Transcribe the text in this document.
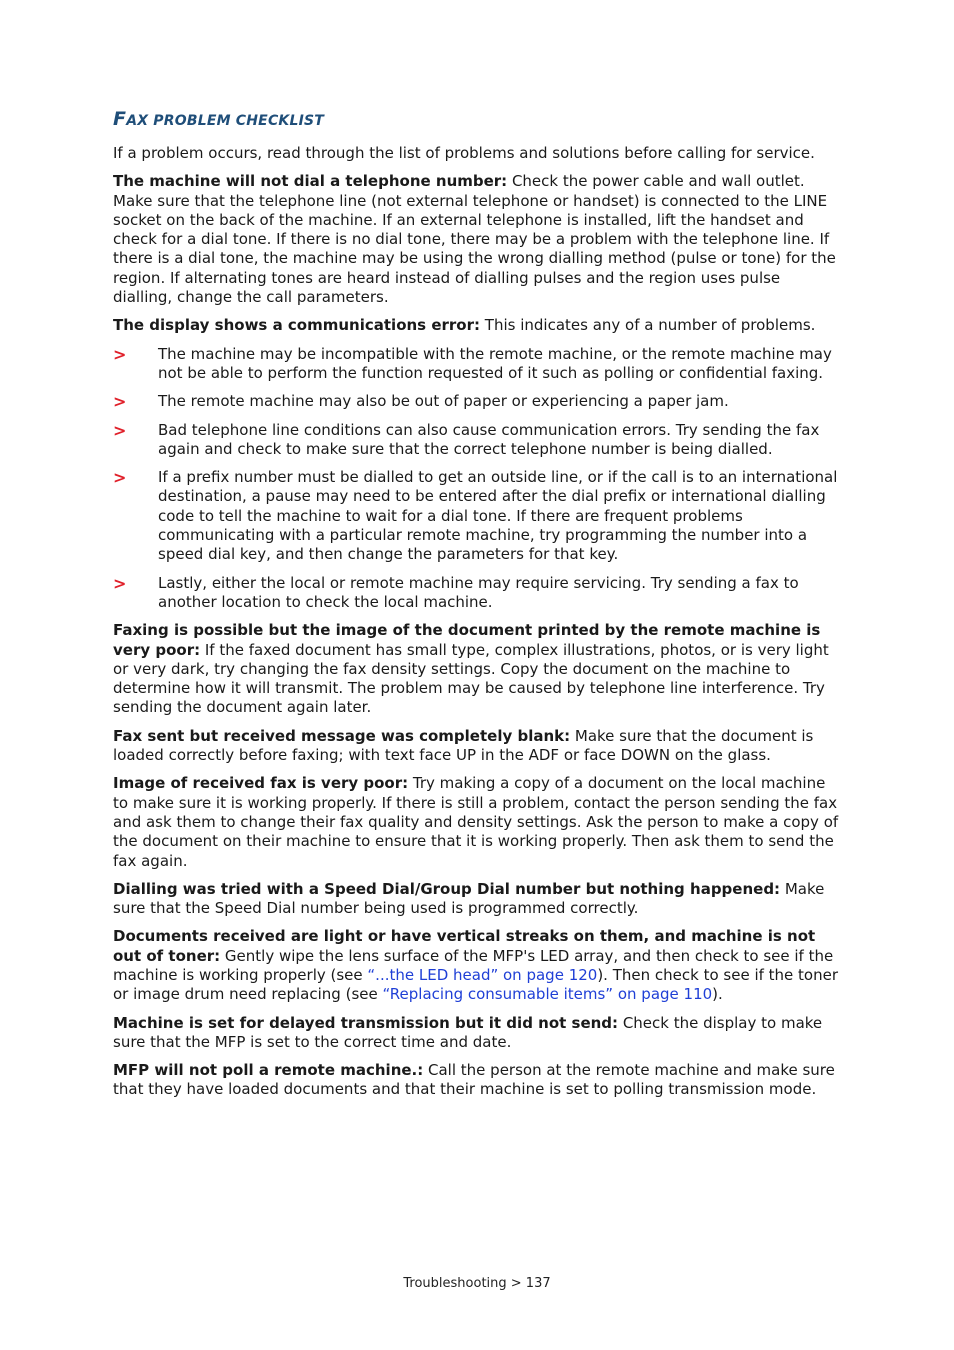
FAX PROBLEM CHECKLIST

If a problem occurs, read through the list of problems and solutions before calling for service.

The machine will not dial a telephone number: Check the power cable and wall outlet. Make sure that the telephone line (not external telephone or handset) is connected to the LINE socket on the back of the machine. If an external telephone is installed, lift the handset and check for a dial tone. If there is no dial tone, there may be a problem with the telephone line. If there is a dial tone, the machine may be using the wrong dialling method (pulse or tone) for the region. If alternating tones are heard instead of dialling pulses and the region uses pulse dialling, change the call parameters.

The display shows a communications error: This indicates any of a number of problems.

> The machine may be incompatible with the remote machine, or the remote machine may not be able to perform the function requested of it such as polling or confidential faxing.
> The remote machine may also be out of paper or experiencing a paper jam.
> Bad telephone line conditions can also cause communication errors. Try sending the fax again and check to make sure that the correct telephone number is being dialled.
> If a prefix number must be dialled to get an outside line, or if the call is to an international destination, a pause may need to be entered after the dial prefix or international dialling code to tell the machine to wait for a dial tone. If there are frequent problems communicating with a particular remote machine, try programming the number into a speed dial key, and then change the parameters for that key.
> Lastly, either the local or remote machine may require servicing. Try sending a fax to another location to check the local machine.

Faxing is possible but the image of the document printed by the remote machine is very poor: If the faxed document has small type, complex illustrations, photos, or is very light or very dark, try changing the fax density settings. Copy the document on the machine to determine how it will transmit. The problem may be caused by telephone line interference. Try sending the document again later.

Fax sent but received message was completely blank: Make sure that the document is loaded correctly before faxing; with text face UP in the ADF or face DOWN on the glass.

Image of received fax is very poor: Try making a copy of a document on the local machine to make sure it is working properly. If there is still a problem, contact the person sending the fax and ask them to change their fax quality and density settings. Ask the person to make a copy of the document on their machine to ensure that it is working properly. Then ask them to send the fax again.

Dialling was tried with a Speed Dial/Group Dial number but nothing happened: Make sure that the Speed Dial number being used is programmed correctly.

Documents received are light or have vertical streaks on them, and machine is not out of toner: Gently wipe the lens surface of the MFP's LED array, and then check to see if the machine is working properly (see “...the LED head” on page 120). Then check to see if the toner or image drum need replacing (see “Replacing consumable items” on page 110).

Machine is set for delayed transmission but it did not send: Check the display to make sure that the MFP is set to the correct time and date.

MFP will not poll a remote machine.: Call the person at the remote machine and make sure that they have loaded documents and that their machine is set to polling transmission mode.

Troubleshooting > 137
